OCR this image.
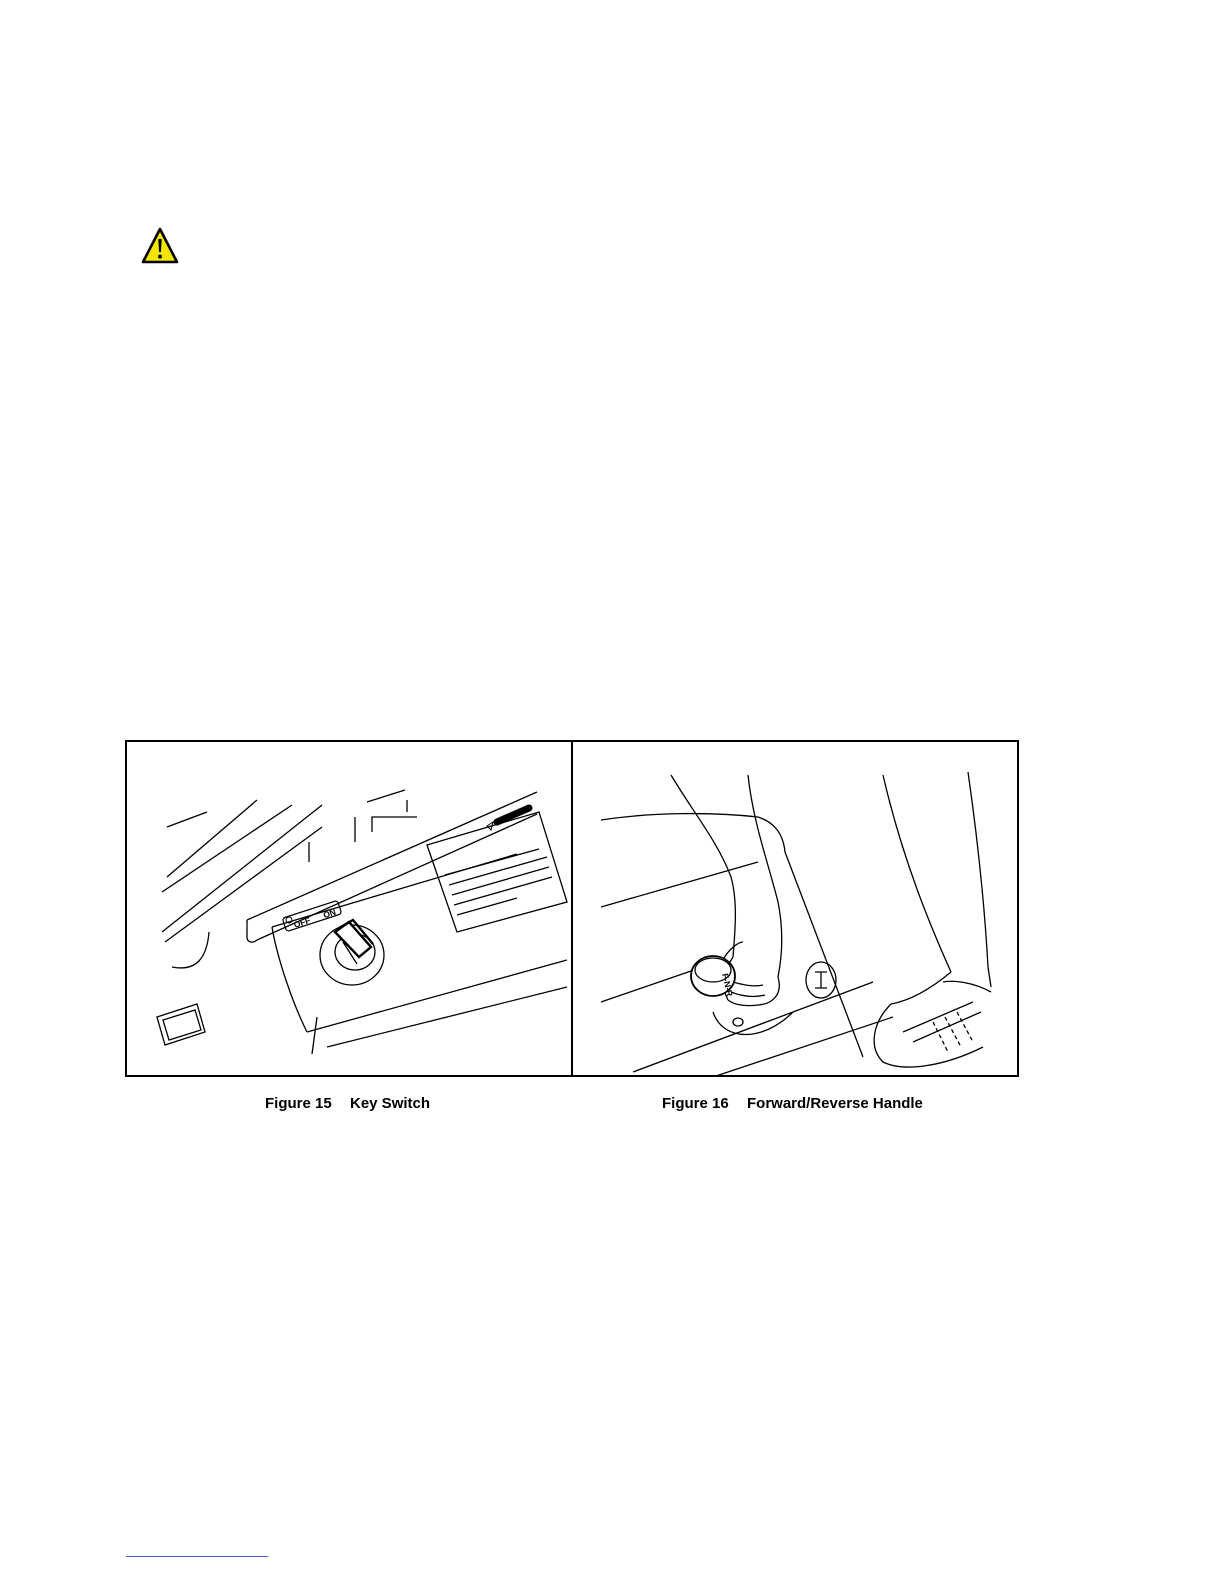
OFF
ON
F-N-R
Figure 15 Key Switch	Figure 16 Forward/Reverse Handle
